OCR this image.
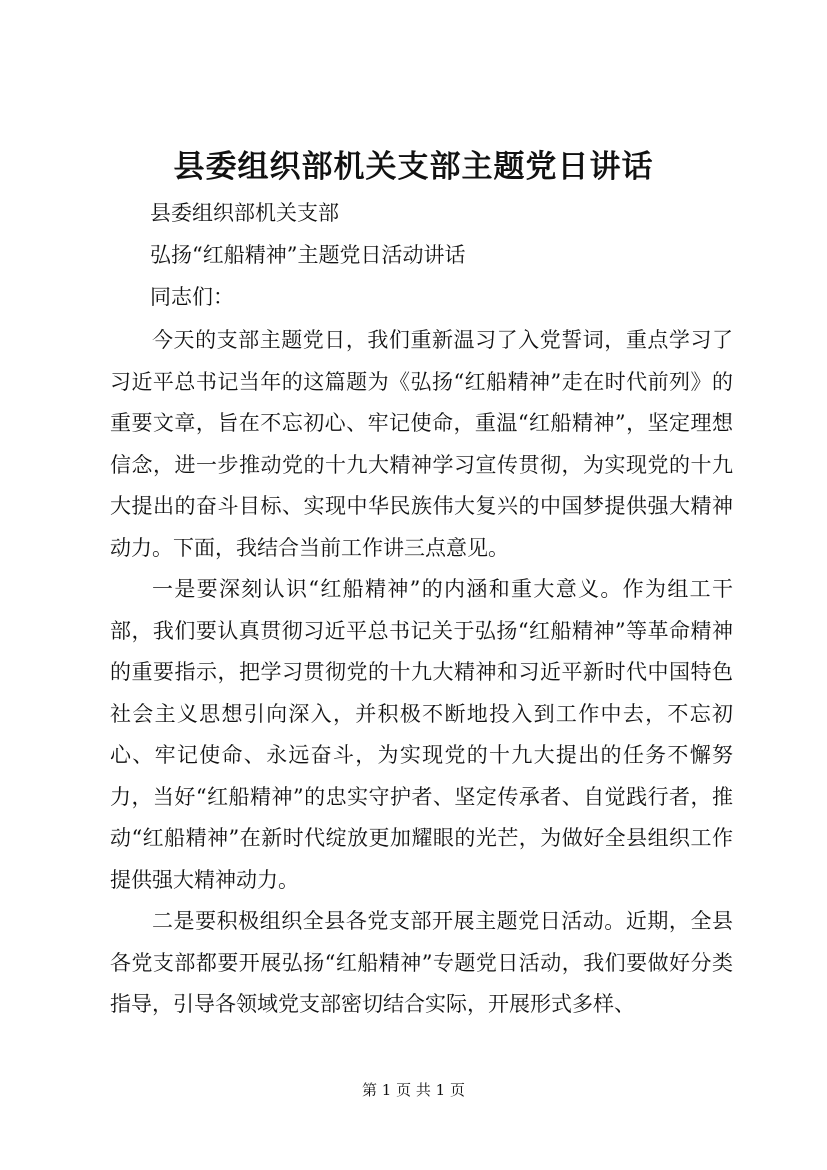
县委组织部机关支部主题党日讲话
县委组织部机关支部
弘扬“红船精神”主题党日活动讲话
同志们：

今天的支部主题党日，我们重新温习了入党誓词，重点学习了习近平总书记当年的这篇题为《弘扬“红船精神”走在时代前列》的重要文章，旨在不忘初心、牢记使命，重温“红船精神”，坚定理想信念，进一步推动党的十九大精神学习宣传贯彻，为实现党的十九大提出的奋斗目标、实现中华民族伟大复兴的中国梦提供强大精神动力。下面，我结合当前工作讲三点意见。

一是要深刻认识“红船精神”的内涵和重大意义。作为组工干部，我们要认真贯彻习近平总书记关于弘扬“红船精神”等革命精神的重要指示，把学习贯彻党的十九大精神和习近平新时代中国特色社会主义思想引向深入，并积极不断地投入到工作中去，不忘初心、牢记使命、永远奋斗，为实现党的十九大提出的任务不懈努力，当好“红船精神”的忠实守护者、坚定传承者、自觉践行者，推动“红船精神”在新时代绽放更加耀眼的光芒，为做好全县组织工作提供强大精神动力。

二是要积极组织全县各党支部开展主题党日活动。近期，全县各党支部都要开展弘扬“红船精神”专题党日活动，我们要做好分类指导，引导各领域党支部密切结合实际，开展形式多样、

第 1 页 共 1 页
